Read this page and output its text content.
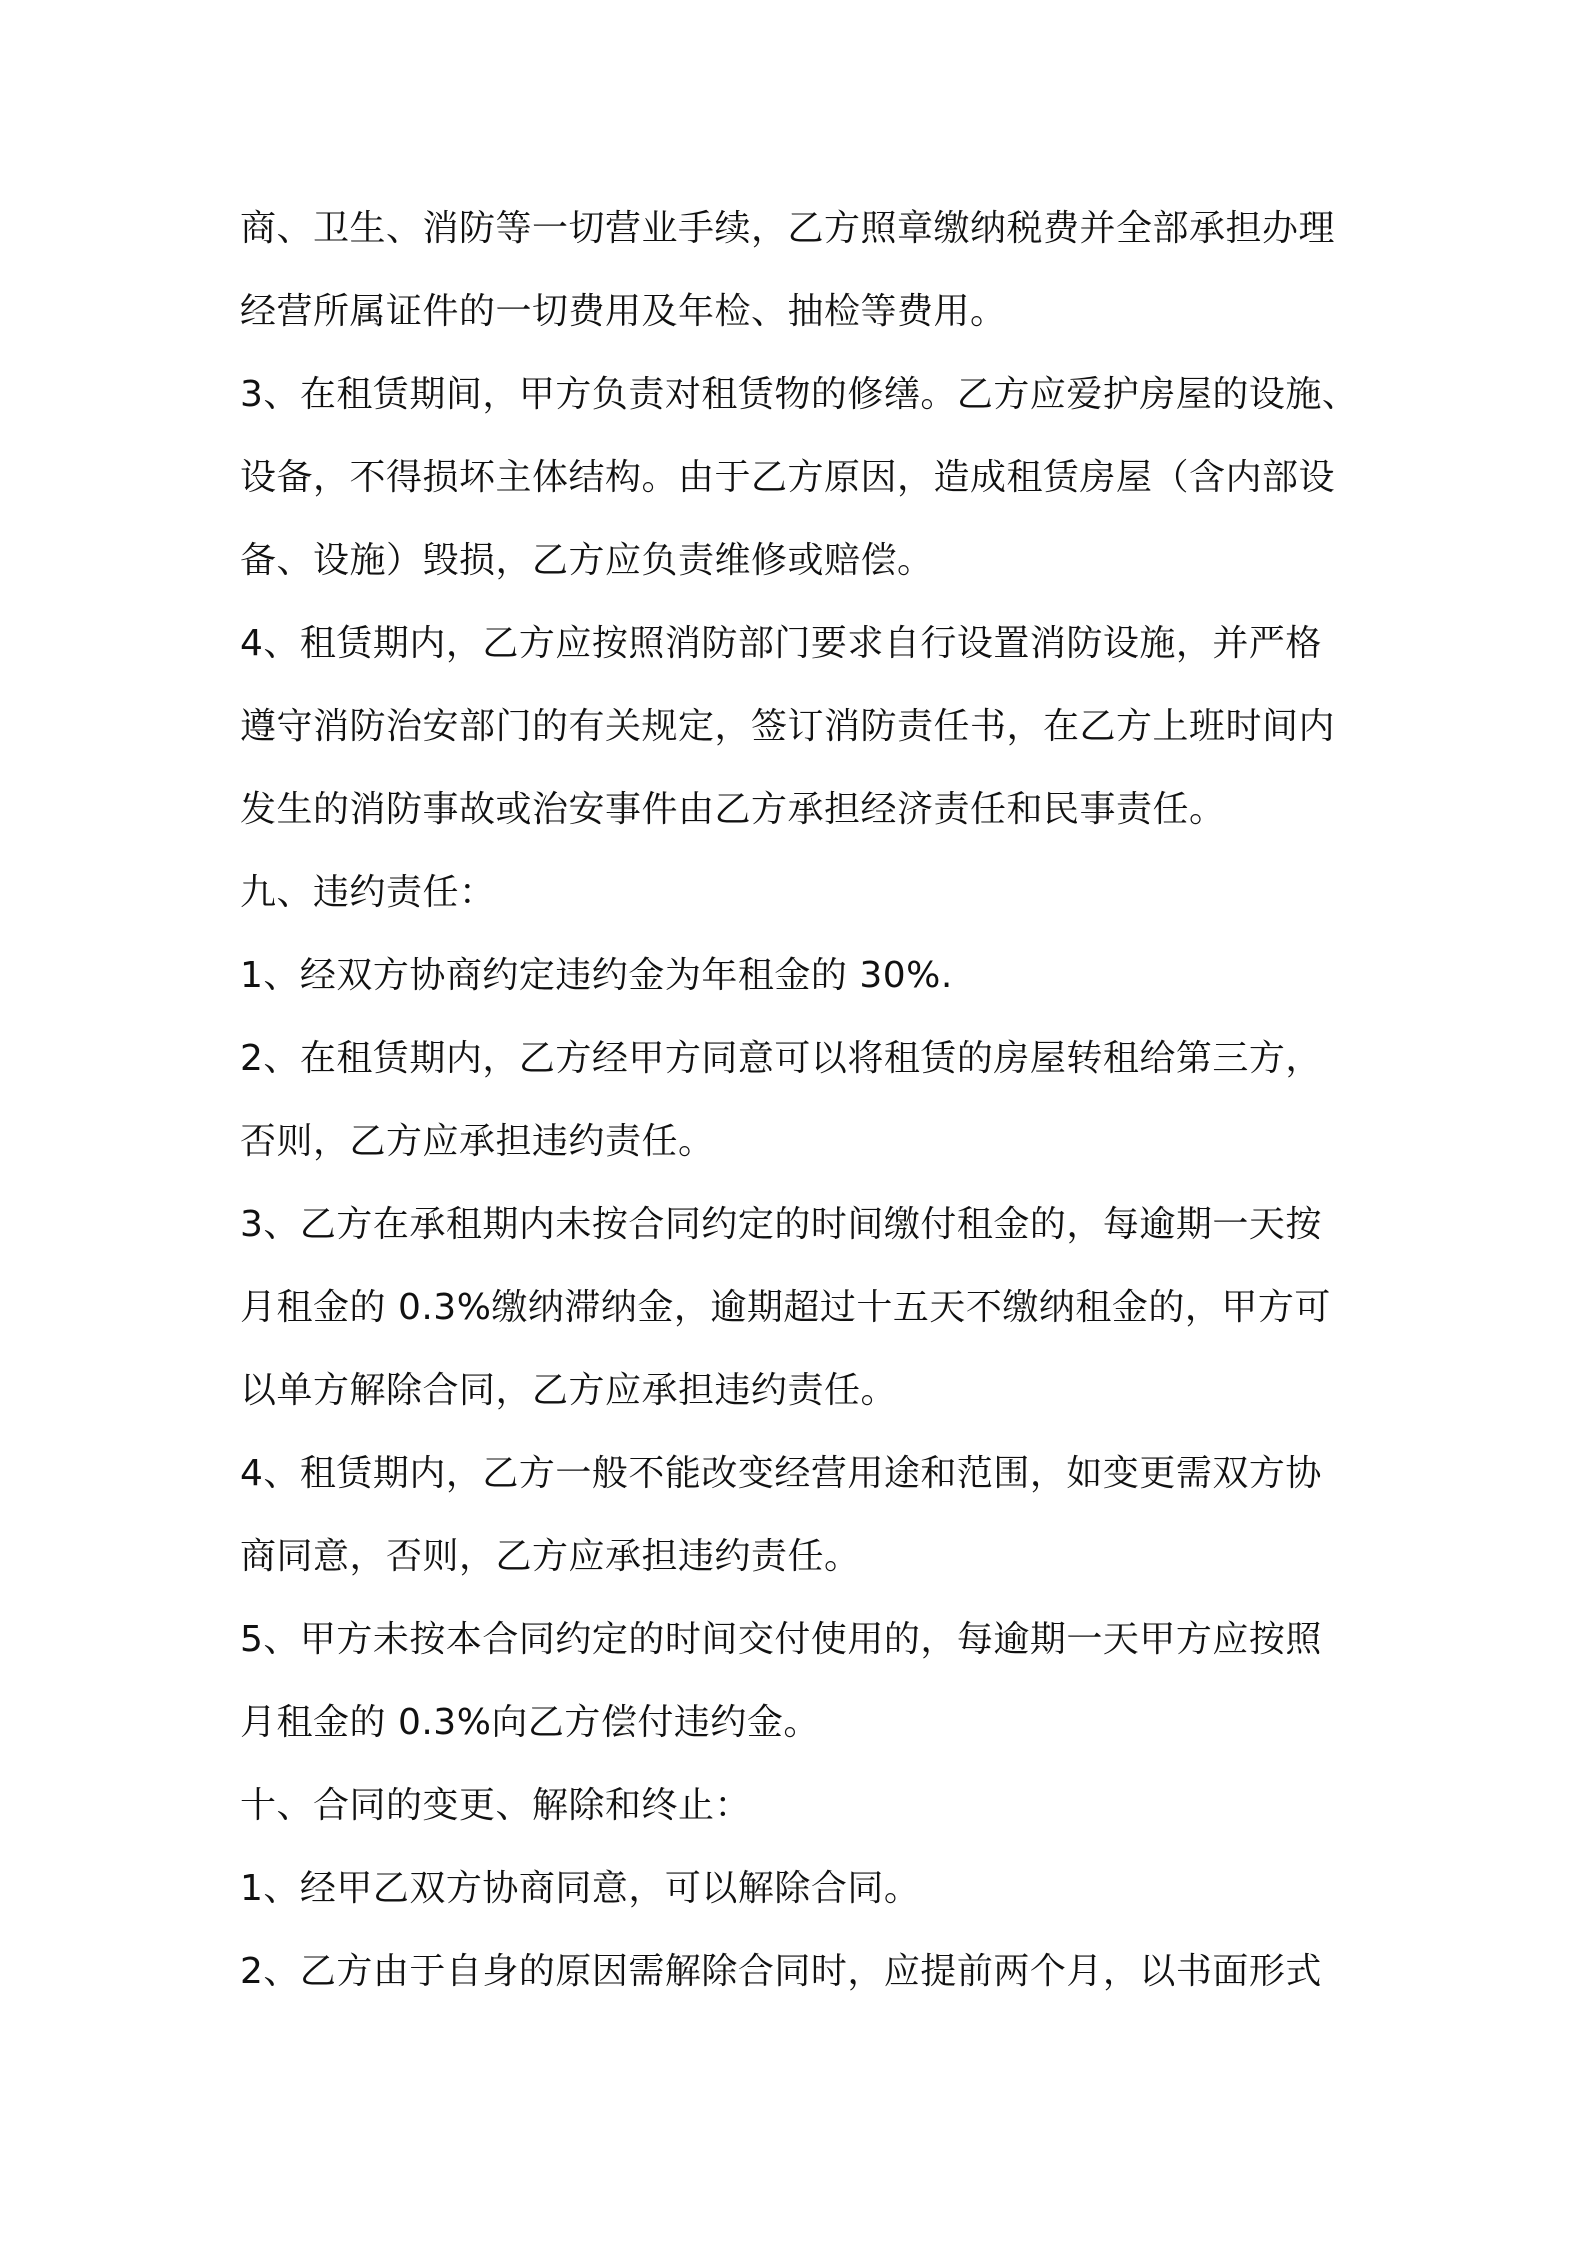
商、卫生、消防等一切营业手续，乙方照章缴纳税费并全部承担办理

经营所属证件的一切费用及年检、抽检等费用。

3、在租赁期间，甲方负责对租赁物的修缮。乙方应爱护房屋的设施、

设备，不得损坏主体结构。由于乙方原因，造成租赁房屋（含内部设

备、设施）毁损，乙方应负责维修或赔偿。

4、租赁期内，乙方应按照消防部门要求自行设置消防设施，并严格

遵守消防治安部门的有关规定，签订消防责任书，在乙方上班时间内

发生的消防事故或治安事件由乙方承担经济责任和民事责任。

九、违约责任：

1、经双方协商约定违约金为年租金的 30%.

2、在租赁期内，乙方经甲方同意可以将租赁的房屋转租给第三方，

否则，乙方应承担违约责任。

3、乙方在承租期内未按合同约定的时间缴付租金的，每逾期一天按

月租金的 0.3%缴纳滞纳金，逾期超过十五天不缴纳租金的，甲方可

以单方解除合同，乙方应承担违约责任。

4、租赁期内，乙方一般不能改变经营用途和范围，如变更需双方协

商同意，否则，乙方应承担违约责任。

5、甲方未按本合同约定的时间交付使用的，每逾期一天甲方应按照

月租金的 0.3%向乙方偿付违约金。

十、合同的变更、解除和终止：

1、经甲乙双方协商同意，可以解除合同。

2、乙方由于自身的原因需解除合同时，应提前两个月，以书面形式
